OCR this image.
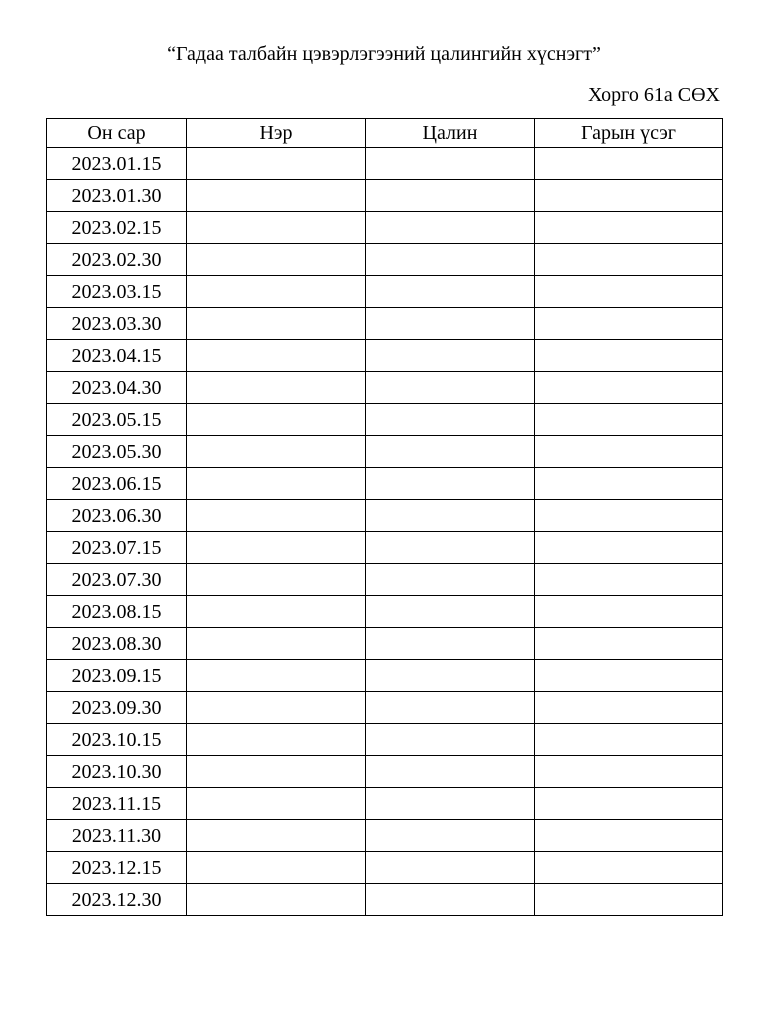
“Гадаа талбайн цэвэрлэгээний цалингийн хүснэгт”
Хорго 61а СӨХ
Он сар	Нэр	Цалин	Гарын үсэг
2023.01.15			
2023.01.30			
2023.02.15			
2023.02.30			
2023.03.15			
2023.03.30			
2023.04.15			
2023.04.30			
2023.05.15			
2023.05.30			
2023.06.15			
2023.06.30			
2023.07.15			
2023.07.30			
2023.08.15			
2023.08.30			
2023.09.15			
2023.09.30			
2023.10.15			
2023.10.30			
2023.11.15			
2023.11.30			
2023.12.15			
2023.12.30			
